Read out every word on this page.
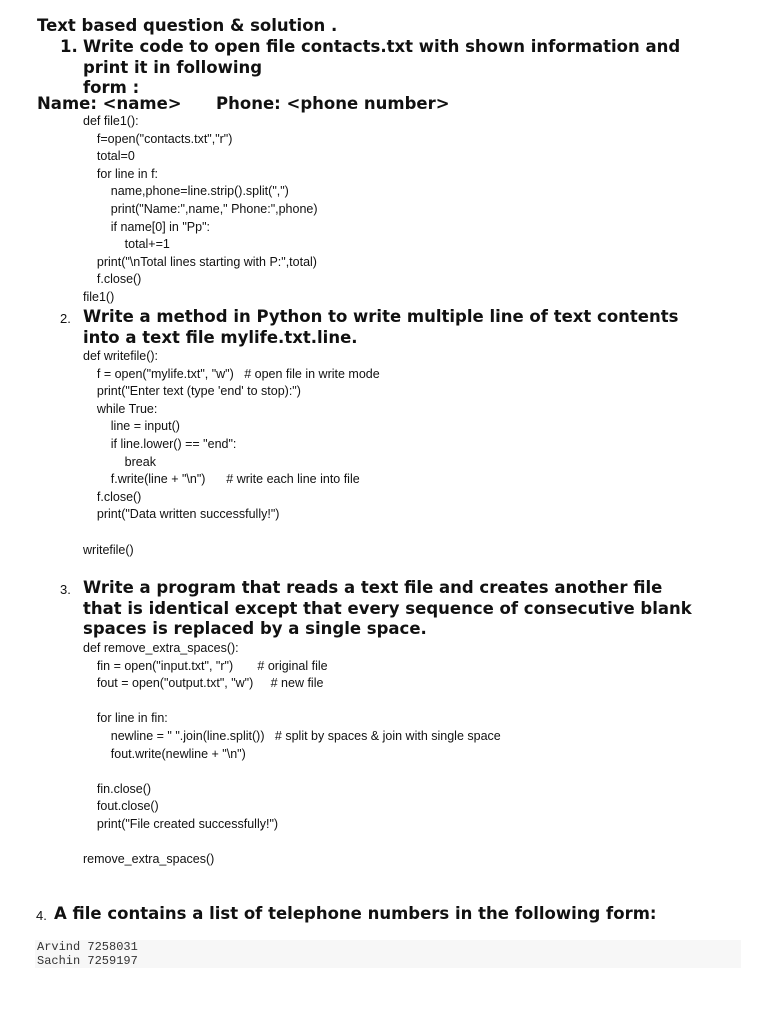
Text based question & solution .
1. Write code to open file contacts.txt with shown information and
print it in following
form :
Name: <name>      Phone: <phone number>
def file1():
f=open("contacts.txt","r")
total=0
for line in f:
name,phone=line.strip().split(",")
print("Name:",name," Phone:",phone)
if name[0] in "Pp":
total+=1
print("\nTotal lines starting with P:",total)
f.close()
file1()
2. Write a method in Python to write multiple line of text contents
into a text file mylife.txt.line.
def writefile():
f = open("mylife.txt", "w")   # open file in write mode
print("Enter text (type 'end' to stop):")
while True:
line = input()
if line.lower() == "end":
break
f.write(line + "\n")      # write each line into file
f.close()
print("Data written successfully!")
writefile()
3. Write a program that reads a text file and creates another file
that is identical except that every sequence of consecutive blank
spaces is replaced by a single space.
def remove_extra_spaces():
fin = open("input.txt", "r")       # original file
fout = open("output.txt", "w")     # new file
for line in fin:
newline = " ".join(line.split())   # split by spaces & join with single space
fout.write(newline + "\n")
fin.close()
fout.close()
print("File created successfully!")
remove_extra_spaces()
4. A file contains a list of telephone numbers in the following form:
Arvind 7258031
Sachin 7259197
